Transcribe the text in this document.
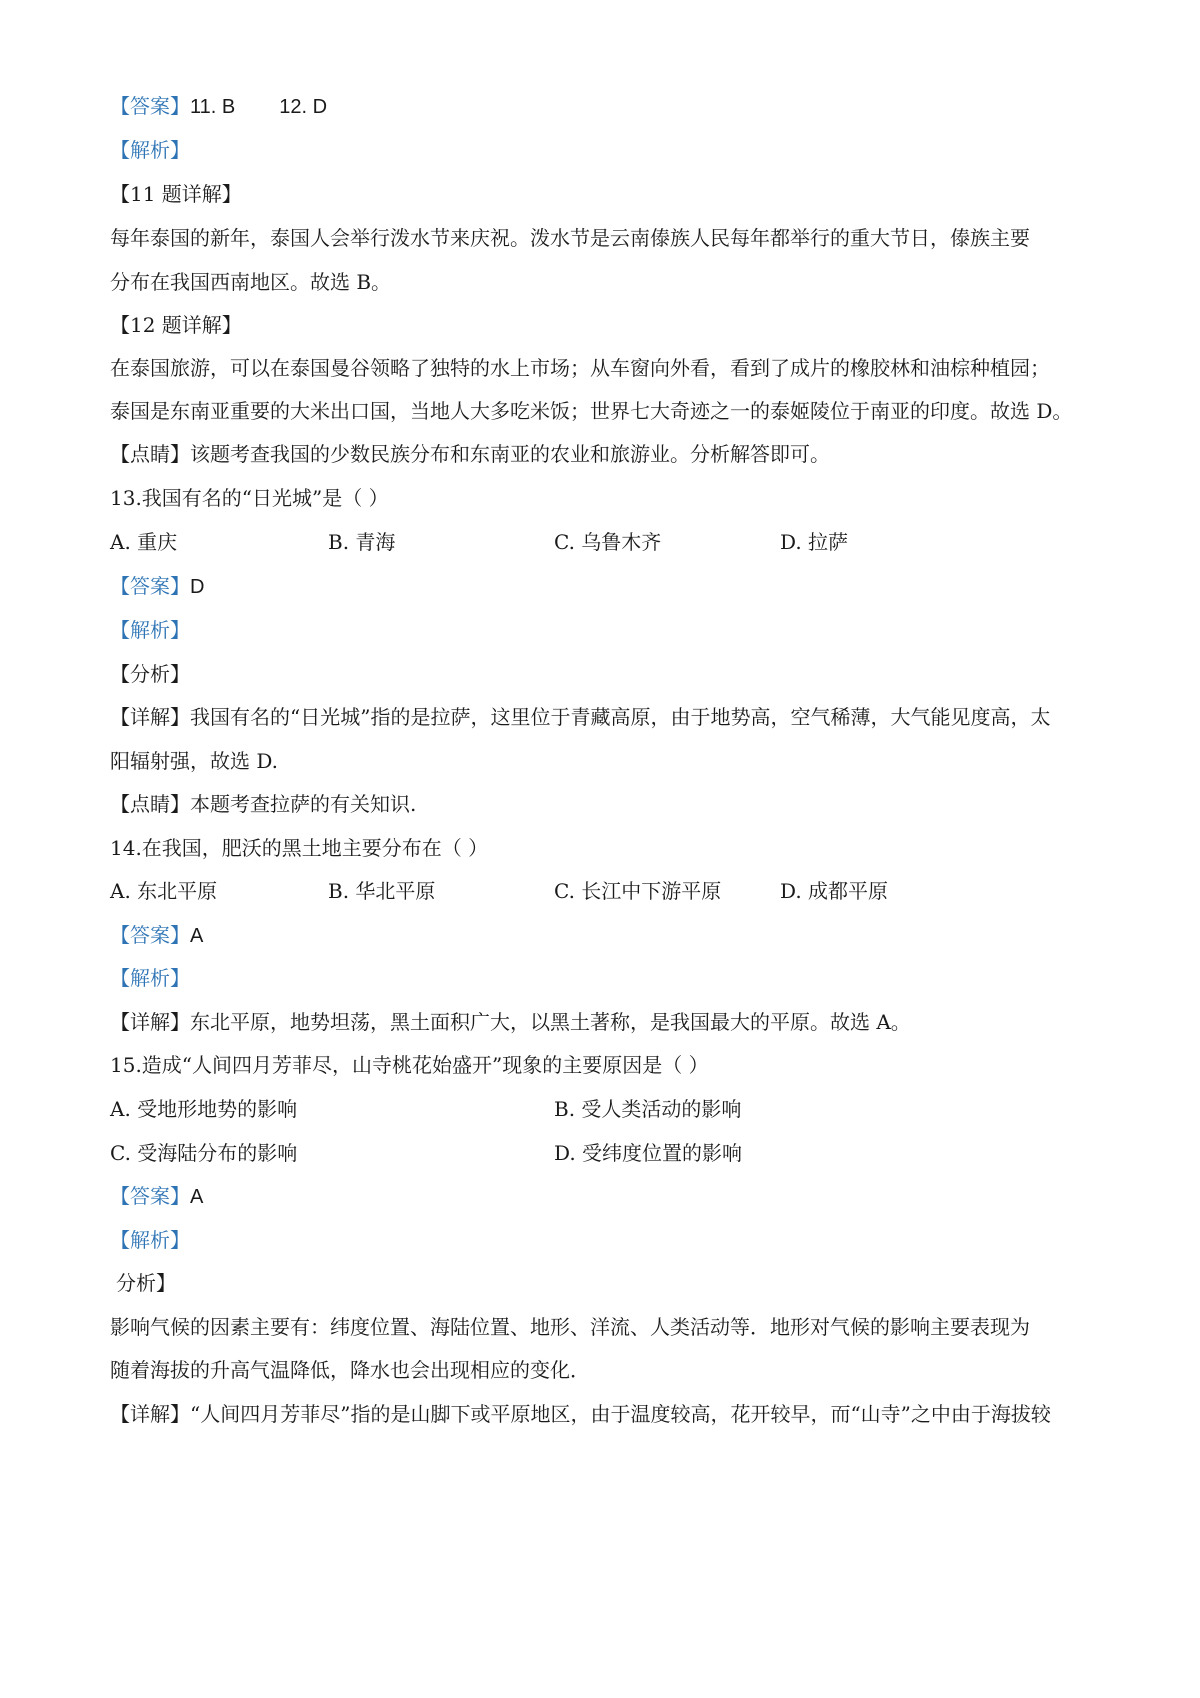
【答案】11. B 12. D
【解析】
【11 题详解】
每年泰国的新年，泰国人会举行泼水节来庆祝。泼水节是云南傣族人民每年都举行的重大节日，傣族主要
分布在我国西南地区。故选 B。
【12 题详解】
在泰国旅游，可以在泰国曼谷领略了独特的水上市场；从车窗向外看，看到了成片的橡胶林和油棕种植园；
泰国是东南亚重要的大米出口国，当地人大多吃米饭；世界七大奇迹之一的泰姬陵位于南亚的印度。故选 D。
【点睛】该题考查我国的少数民族分布和东南亚的农业和旅游业。分析解答即可。
13.我国有名的“日光城”是（ ）
A. 重庆	B. 青海	C. 乌鲁木齐	D. 拉萨
【答案】D
【解析】
【分析】
【详解】我国有名的“日光城”指的是拉萨，这里位于青藏高原，由于地势高，空气稀薄，大气能见度高，太
阳辐射强，故选 D.
【点睛】本题考查拉萨的有关知识.
14.在我国，肥沃的黑土地主要分布在（ ）
A. 东北平原	B. 华北平原	C. 长江中下游平原	D. 成都平原
【答案】A
【解析】
【详解】东北平原，地势坦荡，黑土面积广大，以黑土著称，是我国最大的平原。故选 A。
15.造成“人间四月芳菲尽，山寺桃花始盛开”现象的主要原因是（ ）
A. 受地形地势的影响	B. 受人类活动的影响
C. 受海陆分布的影响	D. 受纬度位置的影响
【答案】A
【解析】
分析】
影响气候的因素主要有：纬度位置、海陆位置、地形、洋流、人类活动等．地形对气候的影响主要表现为
随着海拔的升高气温降低，降水也会出现相应的变化．
【详解】“人间四月芳菲尽”指的是山脚下或平原地区，由于温度较高，花开较早，而“山寺”之中由于海拔较
